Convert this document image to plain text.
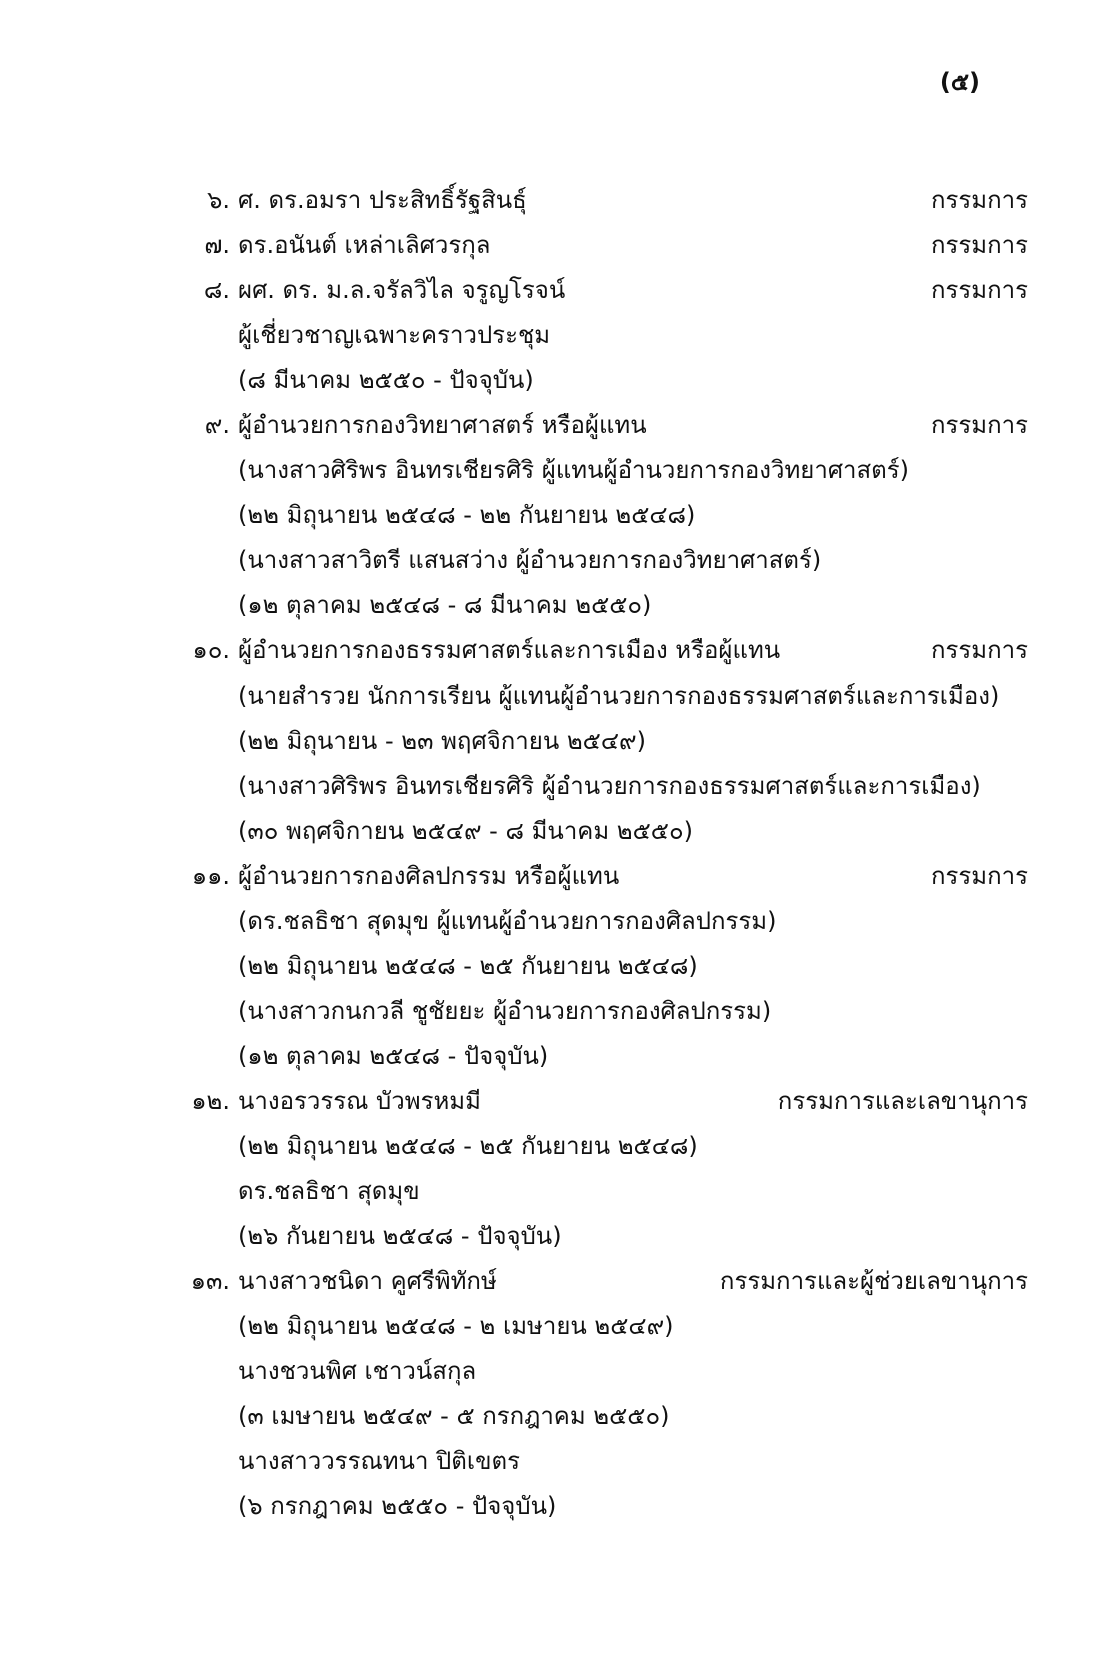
(๕)
๖. ศ. ดร.อมรา ประสิทธิ์รัฐสินธุ์	กรรมการ
๗. ดร.อนันต์ เหล่าเลิศวรกุล	กรรมการ
๘. ผศ. ดร. ม.ล.จรัลวิไล จรูญโรจน์	กรรมการ
ผู้เชี่ยวชาญเฉพาะคราวประชุม
(๘ มีนาคม ๒๕๕๐ - ปัจจุบัน)
๙. ผู้อำนวยการกองวิทยาศาสตร์ หรือผู้แทน	กรรมการ
(นางสาวศิริพร อินทรเชียรศิริ ผู้แทนผู้อำนวยการกองวิทยาศาสตร์)
(๒๒ มิถุนายน ๒๕๔๘ - ๒๒ กันยายน ๒๕๔๘)
(นางสาวสาวิตรี แสนสว่าง ผู้อำนวยการกองวิทยาศาสตร์)
(๑๒ ตุลาคม ๒๕๔๘ - ๘ มีนาคม ๒๕๕๐)
๑๐. ผู้อำนวยการกองธรรมศาสตร์และการเมือง หรือผู้แทน	กรรมการ
(นายสำรวย นักการเรียน ผู้แทนผู้อำนวยการกองธรรมศาสตร์และการเมือง)
(๒๒ มิถุนายน - ๒๓ พฤศจิกายน ๒๕๔๙)
(นางสาวศิริพร อินทรเชียรศิริ ผู้อำนวยการกองธรรมศาสตร์และการเมือง)
(๓๐ พฤศจิกายน ๒๕๔๙ - ๘ มีนาคม ๒๕๕๐)
๑๑. ผู้อำนวยการกองศิลปกรรม หรือผู้แทน	กรรมการ
(ดร.ชลธิชา สุดมุข ผู้แทนผู้อำนวยการกองศิลปกรรม)
(๒๒ มิถุนายน ๒๕๔๘ - ๒๕ กันยายน ๒๕๔๘)
(นางสาวกนกวลี ชูชัยยะ ผู้อำนวยการกองศิลปกรรม)
(๑๒ ตุลาคม ๒๕๔๘ - ปัจจุบัน)
๑๒. นางอรวรรณ บัวพรหมมี	กรรมการและเลขานุการ
(๒๒ มิถุนายน ๒๕๔๘ - ๒๕ กันยายน ๒๕๔๘)
ดร.ชลธิชา สุดมุข
(๒๖ กันยายน ๒๕๔๘ - ปัจจุบัน)
๑๓. นางสาวชนิดา คูศรีพิทักษ์	กรรมการและผู้ช่วยเลขานุการ
(๒๒ มิถุนายน ๒๕๔๘ - ๒ เมษายน ๒๕๔๙)
นางชวนพิศ เชาวน์สกุล
(๓ เมษายน ๒๕๔๙ - ๕ กรกฎาคม ๒๕๕๐)
นางสาววรรณทนา ปิติเขตร
(๖ กรกฎาคม ๒๕๕๐ - ปัจจุบัน)
